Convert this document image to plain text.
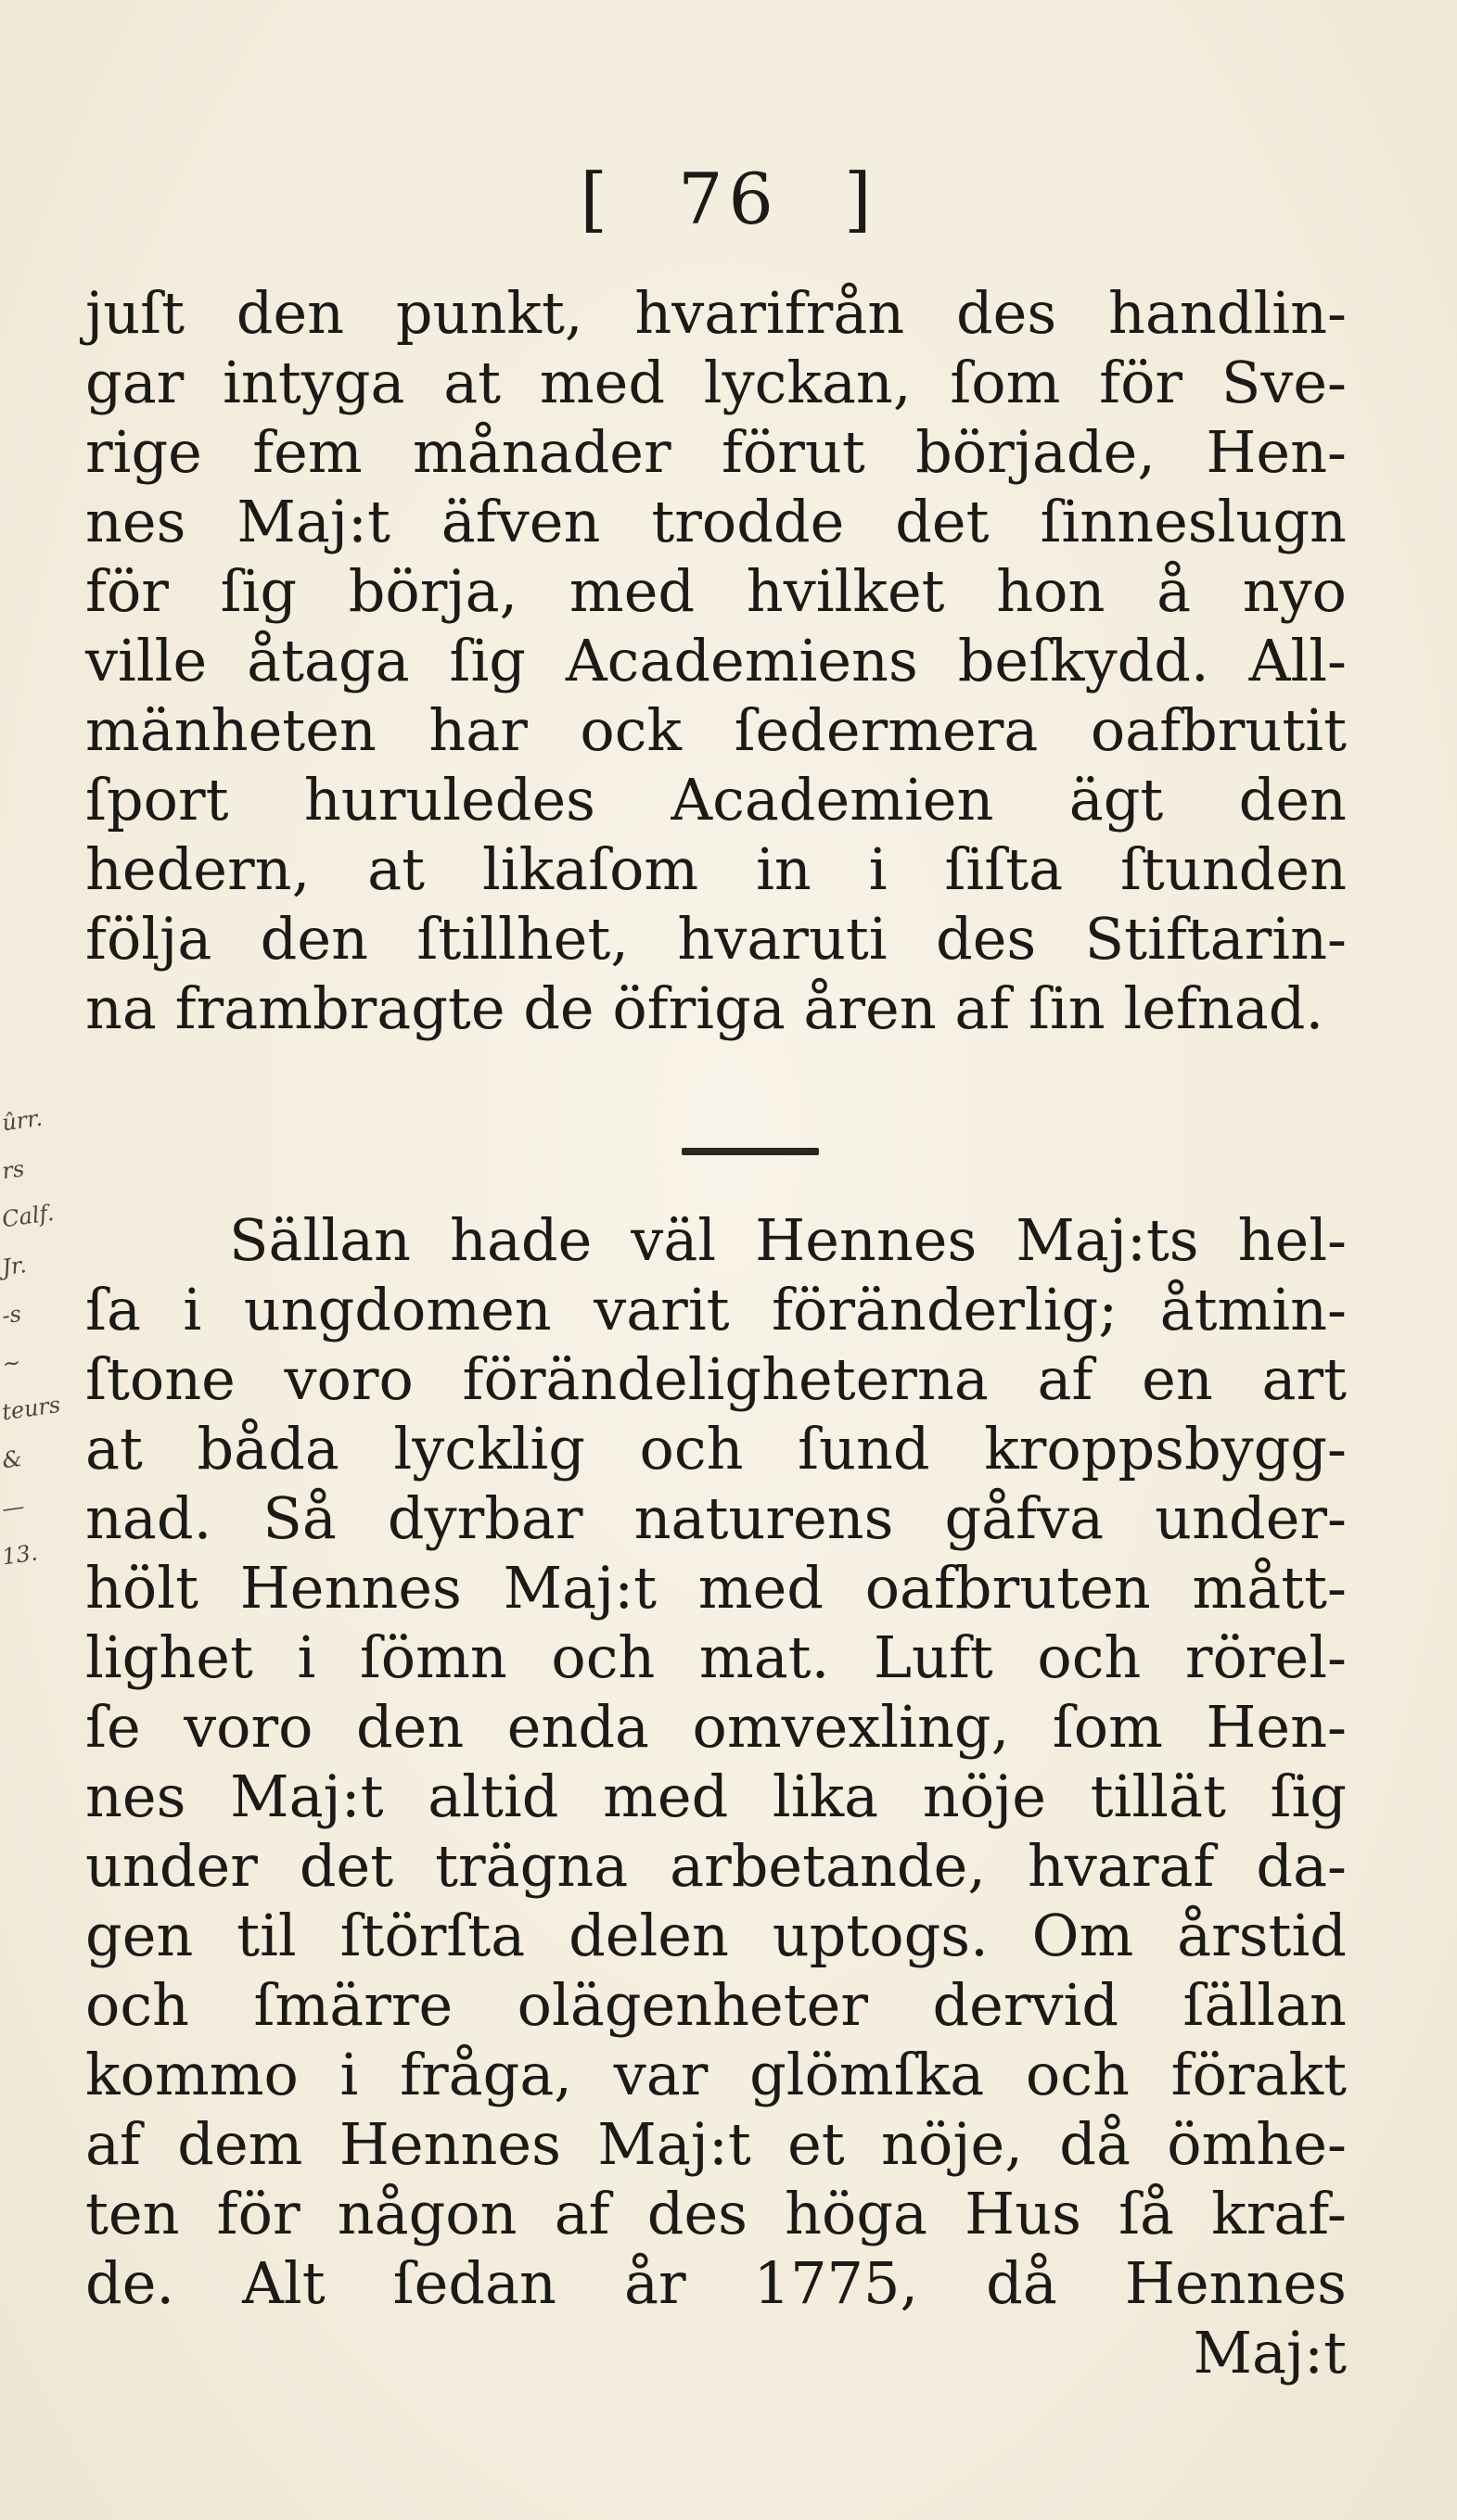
[ 76 ]
juſt den punkt, hvarifrån des handlin-
gar intyga at med lyckan, ſom för Sve-
rige fem månader förut började, Hen-
nes Maj:t äfven trodde det ſinneslugn
för ſig börja, med hvilket hon å nyo
ville åtaga ſig Academiens beſkydd. All-
mänheten har ock ſedermera oafbrutit
ſport huruledes Academien ägt den
hedern, at likaſom in i ſiſta ſtunden
följa den ſtillhet, hvaruti des Stiftarin-
na frambragte de öfriga åren af ſin lefnad.
ûrr.
rs
Calf.
Jr.
-s
~
teurs
&
—
13.
Sällan hade väl Hennes Maj:ts hel-
ſa i ungdomen varit föränderlig; åtmin-
ſtone voro förändeligheterna af en art
at båda lycklig och ſund kroppsbygg-
nad. Så dyrbar naturens gåfva under-
hölt Hennes Maj:t med oafbruten mått-
lighet i ſömn och mat. Luft och rörel-
ſe voro den enda omvexling, ſom Hen-
nes Maj:t altid med lika nöje tillät ſig
under det trägna arbetande, hvaraf da-
gen til ſtörſta delen uptogs. Om årstid
och ſmärre olägenheter dervid ſällan
kommo i fråga, var glömſka och förakt
af dem Hennes Maj:t et nöje, då ömhe-
ten för någon af des höga Hus ſå kraf-
de. Alt ſedan år 1775, då Hennes
Maj:t
